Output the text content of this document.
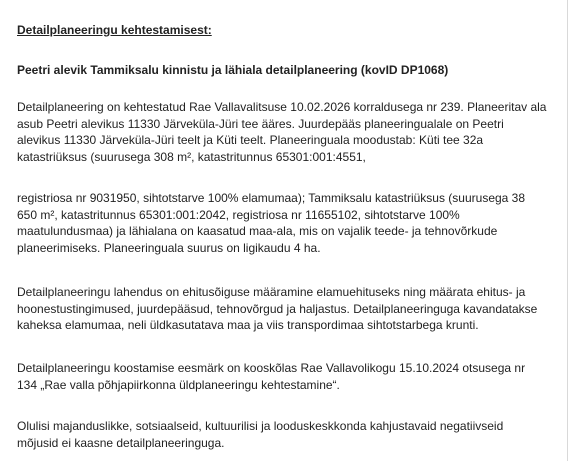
Detailplaneeringu kehtestamisest:
Peetri alevik Tammiksalu kinnistu ja lähiala detailplaneering (kovID DP1068)

Detailplaneering on kehtestatud Rae Vallavalitsuse 10.02.2026 korraldusega nr 239. Planeeritav ala asub Peetri alevikus 11330 Järveküla-Jüri tee ääres. Juurdepääs planeeringualale on Peetri alevikus 11330 Järveküla-Jüri teelt ja Küti teelt. Planeeringuala moodustab: Küti tee 32a katastriüksus (suurusega 308 m², katastritunnus 65301:001:4551,

registriosa nr 9031950, sihtotstarve 100% elamumaa); Tammiksalu katastriüksus (suurusega 38 650 m², katastritunnus 65301:001:2042, registriosa nr 11655102, sihtotstarve 100% maatulundusmaa) ja lähialana on kaasatud maa-ala, mis on vajalik teede- ja tehnovõrkude planeerimiseks. Planeeringuala suurus on ligikaudu 4 ha.

Detailplaneeringu lahendus on ehitusõiguse määramine elamuehituseks ning määrata ehitus- ja hoonestustingimused, juurdepääsud, tehnovõrgud ja haljastus. Detailplaneeringuga kavandatakse kaheksa elamumaa, neli üldkasutatava maa ja viis transpordimaa sihtotstarbega krunti.

Detailplaneeringu koostamise eesmärk on kooskõlas Rae Vallavolikogu 15.10.2024 otsusega nr 134 „Rae valla põhjapiirkonna üldplaneeringu kehtestamine“.

Olulisi majanduslikke, sotsiaalseid, kultuurilisi ja looduskeskkonda kahjustavaid negatiivseid mõjusid ei kaasne detailplaneeringuga.
